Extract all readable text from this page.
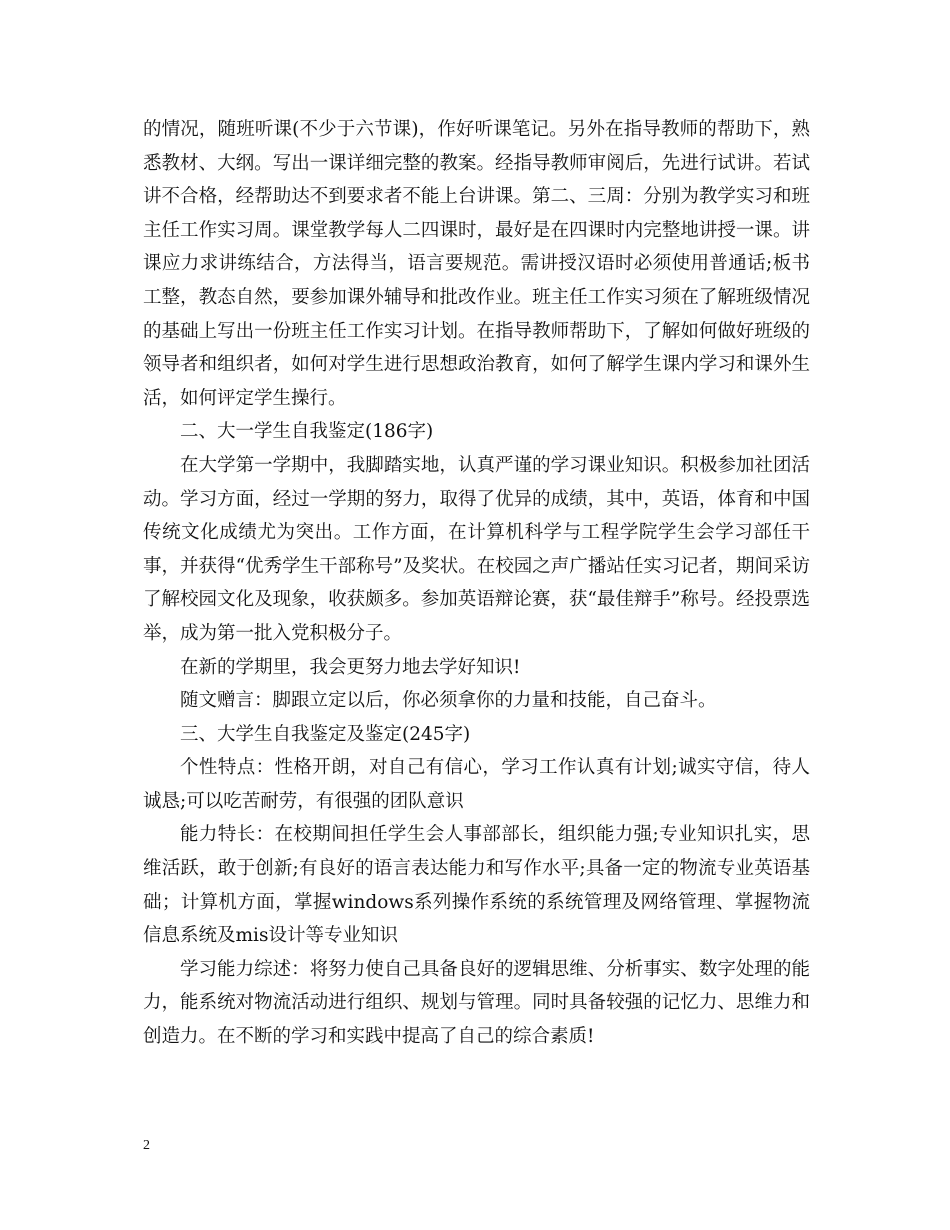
的情况，随班听课(不少于六节课)，作好听课笔记。另外在指导教师的帮助下，熟悉教材、大纲。写出一课详细完整的教案。经指导教师审阅后，先进行试讲。若试讲不合格，经帮助达不到要求者不能上台讲课。第二、三周：分别为教学实习和班主任工作实习周。课堂教学每人二四课时，最好是在四课时内完整地讲授一课。讲课应力求讲练结合，方法得当，语言要规范。需讲授汉语时必须使用普通话;板书工整，教态自然，要参加课外辅导和批改作业。班主任工作实习须在了解班级情况的基础上写出一份班主任工作实习计划。在指导教师帮助下，了解如何做好班级的领导者和组织者，如何对学生进行思想政治教育，如何了解学生课内学习和课外生活，如何评定学生操行。

二、大一学生自我鉴定(186字)

在大学第一学期中，我脚踏实地，认真严谨的学习课业知识。积极参加社团活动。学习方面，经过一学期的努力，取得了优异的成绩，其中，英语，体育和中国传统文化成绩尤为突出。工作方面，在计算机科学与工程学院学生会学习部任干事，并获得“优秀学生干部称号”及奖状。在校园之声广播站任实习记者，期间采访了解校园文化及现象，收获颇多。参加英语辩论赛，获“最佳辩手”称号。经投票选举，成为第一批入党积极分子。

在新的学期里，我会更努力地去学好知识!

随文赠言：脚跟立定以后，你必须拿你的力量和技能，自己奋斗。

三、大学生自我鉴定及鉴定(245字)

个性特点：性格开朗，对自己有信心，学习工作认真有计划;诚实守信，待人诚恳;可以吃苦耐劳，有很强的团队意识

能力特长：在校期间担任学生会人事部部长，组织能力强;专业知识扎实，思维活跃，敢于创新;有良好的语言表达能力和写作水平;具备一定的物流专业英语基础；计算机方面，掌握windows系列操作系统的系统管理及网络管理、掌握物流信息系统及mis设计等专业知识

学习能力综述：将努力使自己具备良好的逻辑思维、分析事实、数字处理的能力，能系统对物流活动进行组织、规划与管理。同时具备较强的记忆力、思维力和创造力。在不断的学习和实践中提高了自己的综合素质!

2
